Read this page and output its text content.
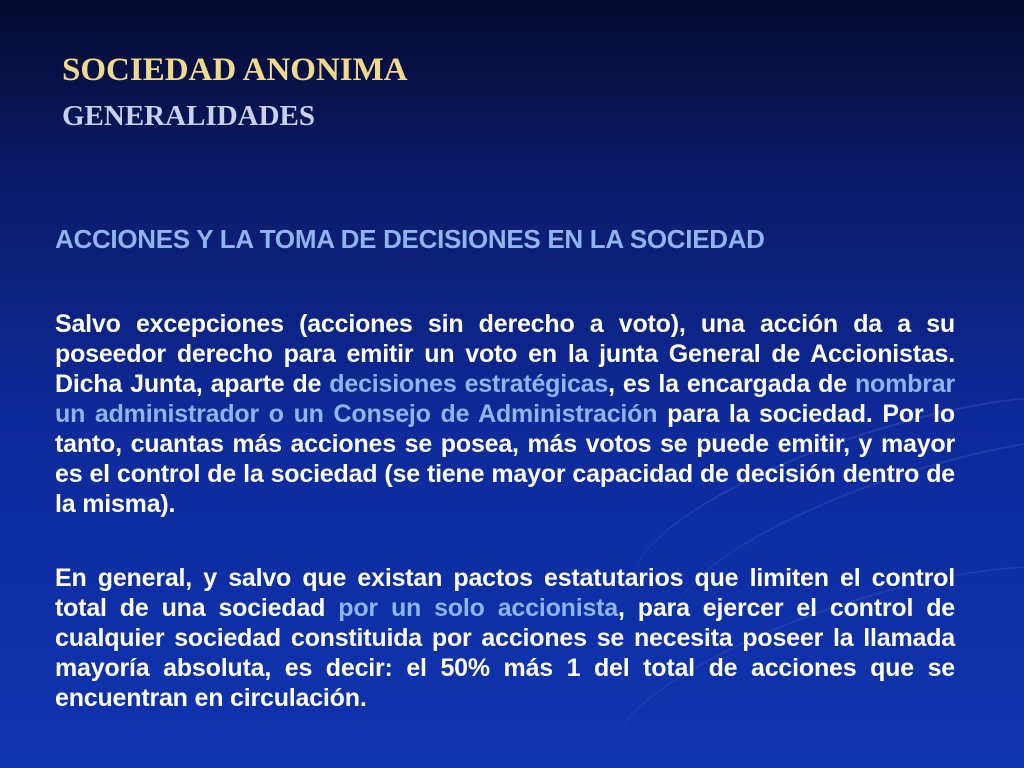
SOCIEDAD ANONIMA
GENERALIDADES
ACCIONES Y LA TOMA DE DECISIONES EN LA SOCIEDAD

Salvo excepciones (acciones sin derecho a voto), una acción da a su poseedor derecho para emitir un voto en la junta General de Accionistas. Dicha Junta, aparte de decisiones estratégicas, es la encargada de nombrar un administrador o un Consejo de Administración para la sociedad. Por lo tanto, cuantas más acciones se posea, más votos se puede emitir, y mayor es el control de la sociedad (se tiene mayor capacidad de decisión dentro de la misma).

En general, y salvo que existan pactos estatutarios que limiten el control total de una sociedad por un solo accionista, para ejercer el control de cualquier sociedad constituida por acciones se necesita poseer la llamada mayoría absoluta, es decir: el 50% más 1 del total de acciones que se encuentran en circulación.
